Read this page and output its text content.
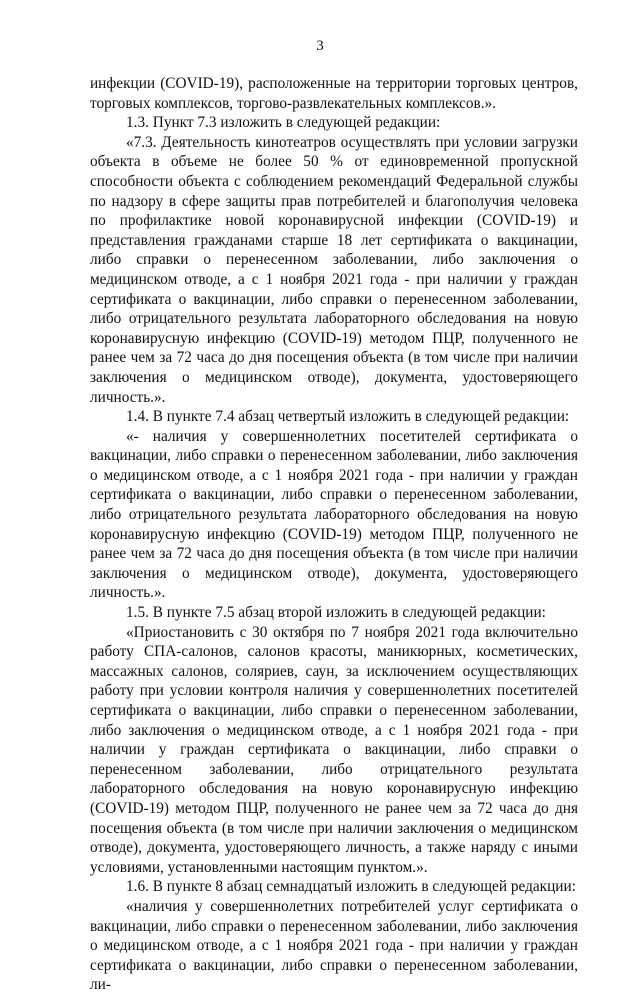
3

инфекции (COVID-19), расположенные на территории торговых центров, торговых комплексов, торгово-развлекательных комплексов.».

1.3. Пункт 7.3 изложить в следующей редакции:

«7.3. Деятельность кинотеатров осуществлять при условии загрузки объекта в объеме не более 50 % от единовременной пропускной способности объекта с соблюдением рекомендаций Федеральной службы по надзору в сфере защиты прав потребителей и благополучия человека по профилактике новой коронавирусной инфекции (COVID-19) и представления гражданами старше 18 лет сертификата о вакцинации, либо справки о перенесенном заболевании, либо заключения о медицинском отводе, а с 1 ноября 2021 года - при наличии у граждан сертификата о вакцинации, либо справки о перенесенном заболевании, либо отрицательного результата лабораторного обследования на новую коронавирусную инфекцию (COVID-19) методом ПЦР, полученного не ранее чем за 72 часа до дня посещения объекта (в том числе при наличии заключения о медицинском отводе), документа, удостоверяющего личность.».

1.4. В пункте 7.4 абзац четвертый изложить в следующей редакции:

«- наличия у совершеннолетних посетителей сертификата о вакцинации, либо справки о перенесенном заболевании, либо заключения о медицинском отводе, а с 1 ноября 2021 года - при наличии у граждан сертификата о вакцинации, либо справки о перенесенном заболевании, либо отрицательного результата лабораторного обследования на новую коронавирусную инфекцию (COVID-19) методом ПЦР, полученного не ранее чем за 72 часа до дня посещения объекта (в том числе при наличии заключения о медицинском отводе), документа, удостоверяющего личность.».

1.5. В пункте 7.5 абзац второй изложить в следующей редакции:

«Приостановить с 30 октября по 7 ноября 2021 года включительно работу СПА-салонов, салонов красоты, маникюрных, косметических, массажных салонов, соляриев, саун, за исключением осуществляющих работу при условии контроля наличия у совершеннолетних посетителей сертификата о вакцинации, либо справки о перенесенном заболевании, либо заключения о медицинском отводе, а с 1 ноября 2021 года - при наличии у граждан сертификата о вакцинации, либо справки о перенесенном заболевании, либо отрицательного результата лабораторного обследования на новую коронавирусную инфекцию (COVID-19) методом ПЦР, полученного не ранее чем за 72 часа до дня посещения объекта (в том числе при наличии заключения о медицинском отводе), документа, удостоверяющего личность, а также наряду с иными условиями, установленными настоящим пунктом.».

1.6. В пункте 8 абзац семнадцатый изложить в следующей редакции:

«наличия у совершеннолетних потребителей услуг сертификата о вакцинации, либо справки о перенесенном заболевании, либо заключения о медицинском отводе, а с 1 ноября 2021 года - при наличии у граждан сертификата о вакцинации, либо справки о перенесенном заболевании, ли-
